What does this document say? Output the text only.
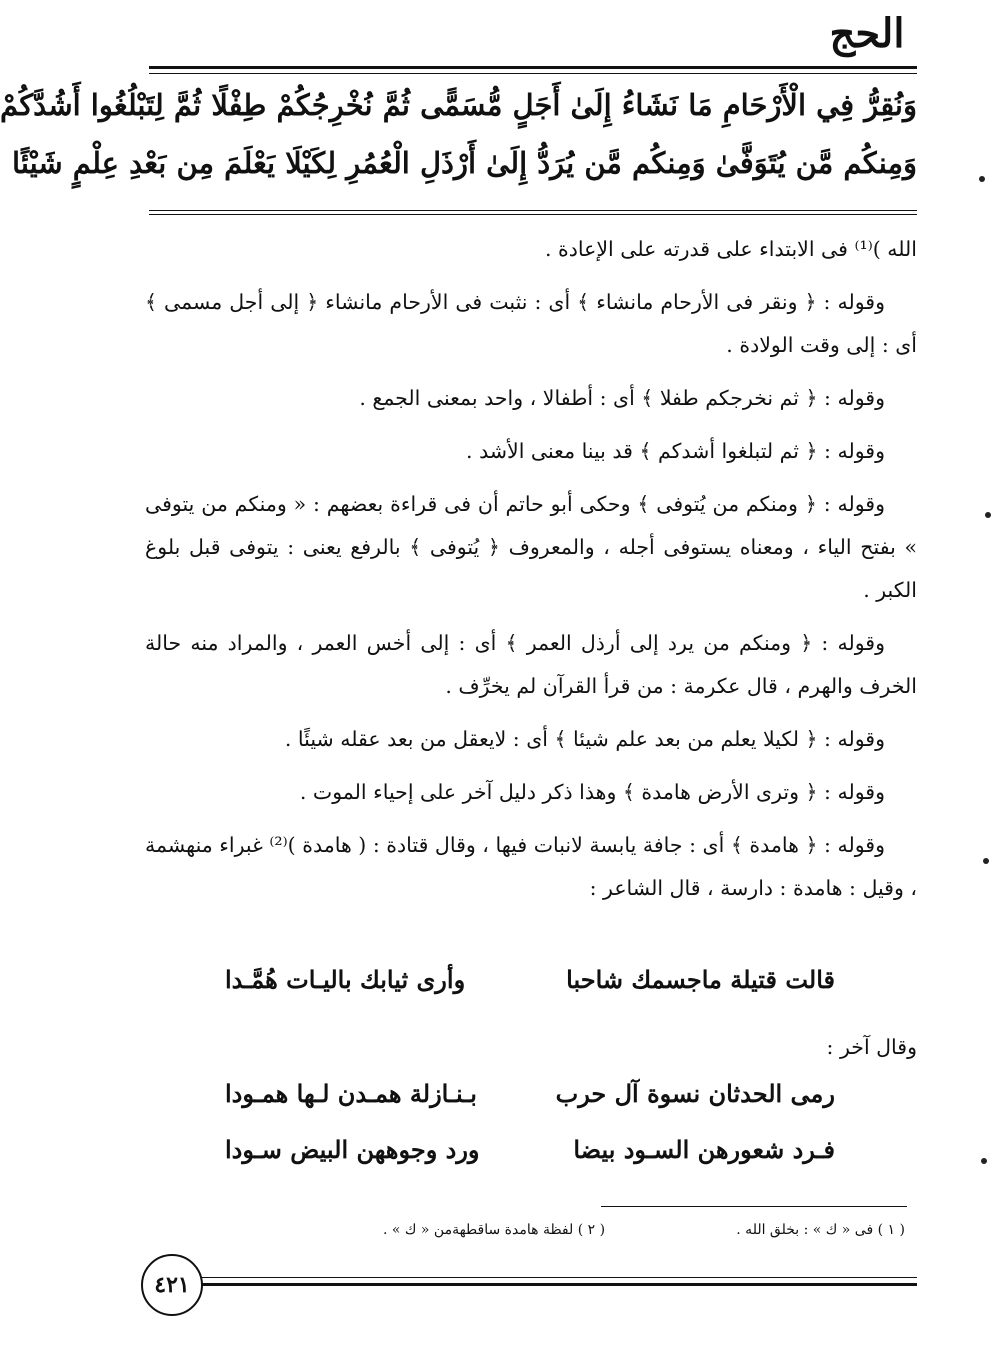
الحج
وَنُقِرُّ فِي الْأَرْحَامِ مَا نَشَاءُ إِلَىٰ أَجَلٍ مُّسَمًّى ثُمَّ نُخْرِجُكُمْ طِفْلًا ثُمَّ لِتَبْلُغُوا أَشُدَّكُمْ
وَمِنكُم مَّن يُتَوَفَّىٰ وَمِنكُم مَّن يُرَدُّ إِلَىٰ أَرْذَلِ الْعُمُرِ لِكَيْلَا يَعْلَمَ مِن بَعْدِ عِلْمٍ شَيْئًا

الله )⁽¹⁾ فى الابتداء على قدرته على الإعادة .

وقوله : ﴿ ونقر فى الأرحام مانشاء ﴾ أى : نثبت فى الأرحام مانشاء ﴿ إلى أجل مسمى ﴾ أى : إلى وقت الولادة .

وقوله : ﴿ ثم نخرجكم طفلا ﴾ أى : أطفالا ، واحد بمعنى الجمع .

وقوله : ﴿ ثم لتبلغوا أشدكم ﴾ قد بينا معنى الأشد .

وقوله : ﴿ ومنكم من يُتوفى ﴾ وحكى أبو حاتم أن فى قراءة بعضهم : « ومنكم من يتوفى » بفتح الياء ، ومعناه يستوفى أجله ، والمعروف ﴿ يُتوفى ﴾ بالرفع يعنى : يتوفى قبل بلوغ الكبر .

وقوله : ﴿ ومنكم من يرد إلى أرذل العمر ﴾ أى : إلى أخس العمر ، والمراد منه حالة الخرف والهرم ، قال عكرمة : من قرأ القرآن لم يخرِّف .

وقوله : ﴿ لكيلا يعلم من بعد علم شيئا ﴾ أى : لايعقل من بعد عقله شيئًا .

وقوله : ﴿ وترى الأرض هامدة ﴾ وهذا ذكر دليل آخر على إحياء الموت .

وقوله : ﴿ هامدة ﴾ أى : جافة يابسة لانبات فيها ، وقال قتادة : ( هامدة )⁽²⁾ غبراء منهشمة ، وقيل : هامدة : دارسة ، قال الشاعر :

قالت قتيلة ماجسمك شاحبا
وأرى ثيابك باليـات هُمَّـدا
وقال آخر :
رمى الحدثان نسوة آل حرب
بـنـازلة همـدن لـها همـودا
فـرد شعورهن السـود بيضا
ورد وجوههن البيض سـودا
( ١ ) فى « ك » : بخلق الله .
( ٢ ) لفظة هامدة ساقطهةمن « ك » .
٤٢١
